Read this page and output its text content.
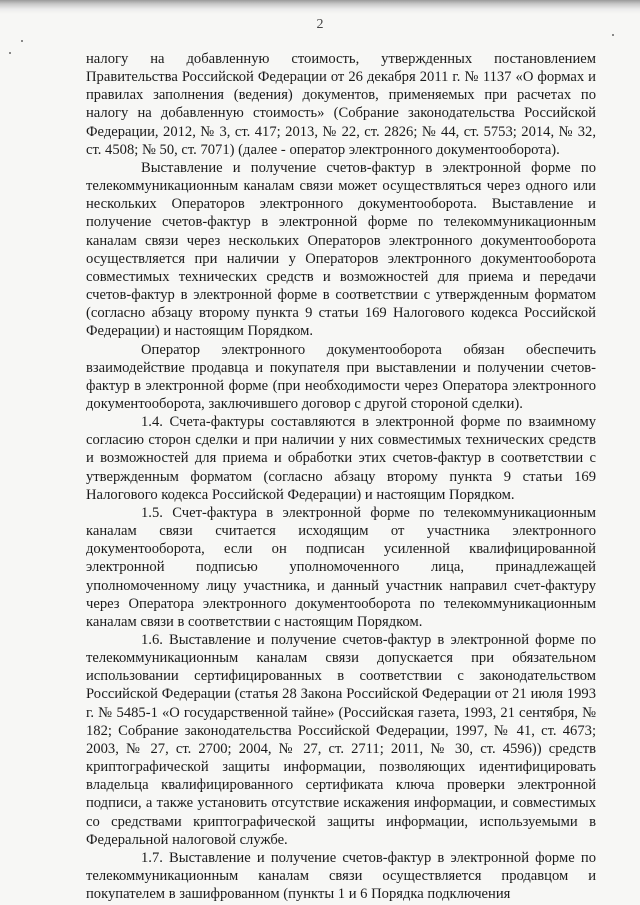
2

налогу на добавленную стоимость, утвержденных постановлением Правительства Российской Федерации от 26 декабря 2011 г. № 1137 «О формах и правилах заполнения (ведения) документов, применяемых при расчетах по налогу на добавленную стоимость» (Собрание законодательства Российской Федерации, 2012, № 3, ст. 417; 2013, № 22, ст. 2826; № 44, ст. 5753; 2014, № 32, ст. 4508; № 50, ст. 7071) (далее - оператор электронного документооборота).

Выставление и получение счетов-фактур в электронной форме по телекоммуникационным каналам связи может осуществляться через одного или нескольких Операторов электронного документооборота. Выставление и получение счетов-фактур в электронной форме по телекоммуникационным каналам связи через нескольких Операторов электронного документооборота осуществляется при наличии у Операторов электронного документооборота совместимых технических средств и возможностей для приема и передачи счетов-фактур в электронной форме в соответствии с утвержденным форматом (согласно абзацу второму пункта 9 статьи 169 Налогового кодекса Российской Федерации) и настоящим Порядком.

Оператор электронного документооборота обязан обеспечить взаимодействие продавца и покупателя при выставлении и получении счетов-фактур в электронной форме (при необходимости через Оператора электронного документооборота, заключившего договор с другой стороной сделки).

1.4. Счета-фактуры составляются в электронной форме по взаимному согласию сторон сделки и при наличии у них совместимых технических средств и возможностей для приема и обработки этих счетов-фактур в соответствии с утвержденным форматом (согласно абзацу второму пункта 9 статьи 169 Налогового кодекса Российской Федерации) и настоящим Порядком.

1.5. Счет-фактура в электронной форме по телекоммуникационным каналам связи считается исходящим от участника электронного документооборота, если он подписан усиленной квалифицированной электронной подписью уполномоченного лица, принадлежащей уполномоченному лицу участника, и данный участник направил счет-фактуру через Оператора электронного документооборота по телекоммуникационным каналам связи в соответствии с настоящим Порядком.

1.6. Выставление и получение счетов-фактур в электронной форме по телекоммуникационным каналам связи допускается при обязательном использовании сертифицированных в соответствии с законодательством Российской Федерации (статья 28 Закона Российской Федерации от 21 июля 1993 г. № 5485-1 «О государственной тайне» (Российская газета, 1993, 21 сентября, № 182; Собрание законодательства Российской Федерации, 1997, № 41, ст. 4673; 2003, № 27, ст. 2700; 2004, № 27, ст. 2711; 2011, № 30, ст. 4596)) средств криптографической защиты информации, позволяющих идентифицировать владельца квалифицированного сертификата ключа проверки электронной подписи, а также установить отсутствие искажения информации, и совместимых со средствами криптографической защиты информации, используемыми в Федеральной налоговой службе.

1.7. Выставление и получение счетов-фактур в электронной форме по телекоммуникационным каналам связи осуществляется продавцом и покупателем в зашифрованном (пункты 1 и 6 Порядка подключения
